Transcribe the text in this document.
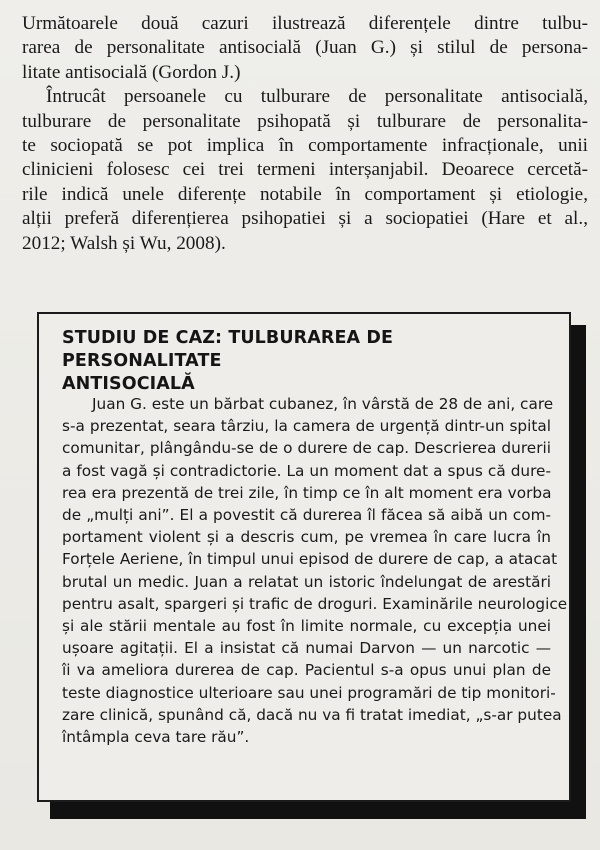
Următoarele două cazuri ilustrează diferențele dintre tulbu-
rarea de personalitate antisocială (Juan G.) și stilul de persona-
litate antisocială (Gordon J.)

Întrucât persoanele cu tulburare de personalitate antisocială,
tulburare de personalitate psihopată și tulburare de personalita-
te sociopată se pot implica în comportamente infracționale, unii
clinicieni folosesc cei trei termeni interșanjabil. Deoarece cercetă-
rile indică unele diferențe notabile în comportament și etiologie,
alții preferă diferențierea psihopatiei și a sociopatiei (Hare et al.,
2012; Walsh și Wu, 2008).

STUDIU DE CAZ: TULBURAREA DE PERSONALITATE
ANTISOCIALĂ
Juan G. este un bărbat cubanez, în vârstă de 28 de ani, care
s-a prezentat, seara târziu, la camera de urgență dintr-un spital
comunitar, plângându-se de o durere de cap. Descrierea durerii
a fost vagă și contradictorie. La un moment dat a spus că dure-
rea era prezentă de trei zile, în timp ce în alt moment era vorba
de „mulți ani”. El a povestit că durerea îl făcea să aibă un com-
portament violent și a descris cum, pe vremea în care lucra în
Forțele Aeriene, în timpul unui episod de durere de cap, a atacat
brutal un medic. Juan a relatat un istoric îndelungat de arestări
pentru asalt, spargeri și trafic de droguri. Examinările neurologice
și ale stării mentale au fost în limite normale, cu excepția unei
ușoare agitații. El a insistat că numai Darvon — un narcotic —
îi va ameliora durerea de cap. Pacientul s-a opus unui plan de
teste diagnostice ulterioare sau unei programări de tip monitori-
zare clinică, spunând că, dacă nu va fi tratat imediat, „s-ar putea
întâmpla ceva tare rău”.
